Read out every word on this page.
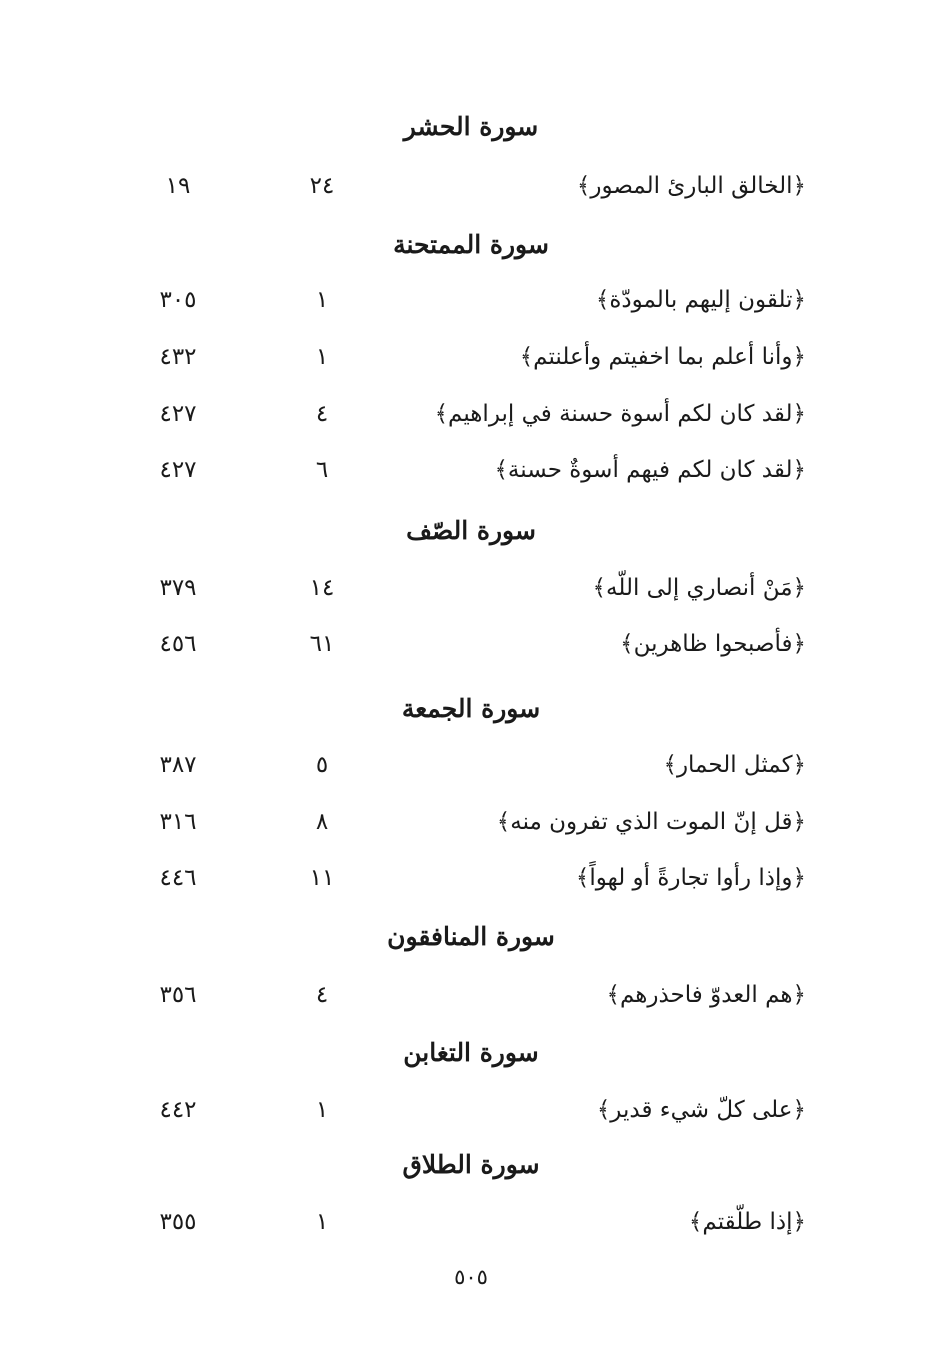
سورة الحشر
﴿الخالق البارئ المصور﴾
٢٤
١٩
سورة الممتحنة
﴿تلقون إليهم بالمودّة﴾
١
٣٠٥
﴿وأنا أعلم بما اخفيتم وأعلنتم﴾
١
٤٣٢
﴿لقد كان لكم أسوة حسنة في إبراهيم﴾
٤
٤٢٧
﴿لقد كان لكم فيهم أسوةٌ حسنة﴾
٦
٤٢٧
سورة الصّف
﴿مَنْ أنصاري إلى اللّه﴾
١٤
٣٧٩
﴿فأصبحوا ظاهرين﴾
٦١
٤٥٦
سورة الجمعة
﴿كمثل الحمار﴾
٥
٣٨٧
﴿قل إنّ الموت الذي تفرون منه﴾
٨
٣١٦
﴿وإذا رأوا تجارةً أو لهواً﴾
١١
٤٤٦
سورة المنافقون
﴿هم العدوّ فاحذرهم﴾
٤
٣٥٦
سورة التغابن
﴿على كلّ شيء قدير﴾
١
٤٤٢
سورة الطلاق
﴿إذا طلّقتم﴾
١
٣٥٥
٥٠٥
